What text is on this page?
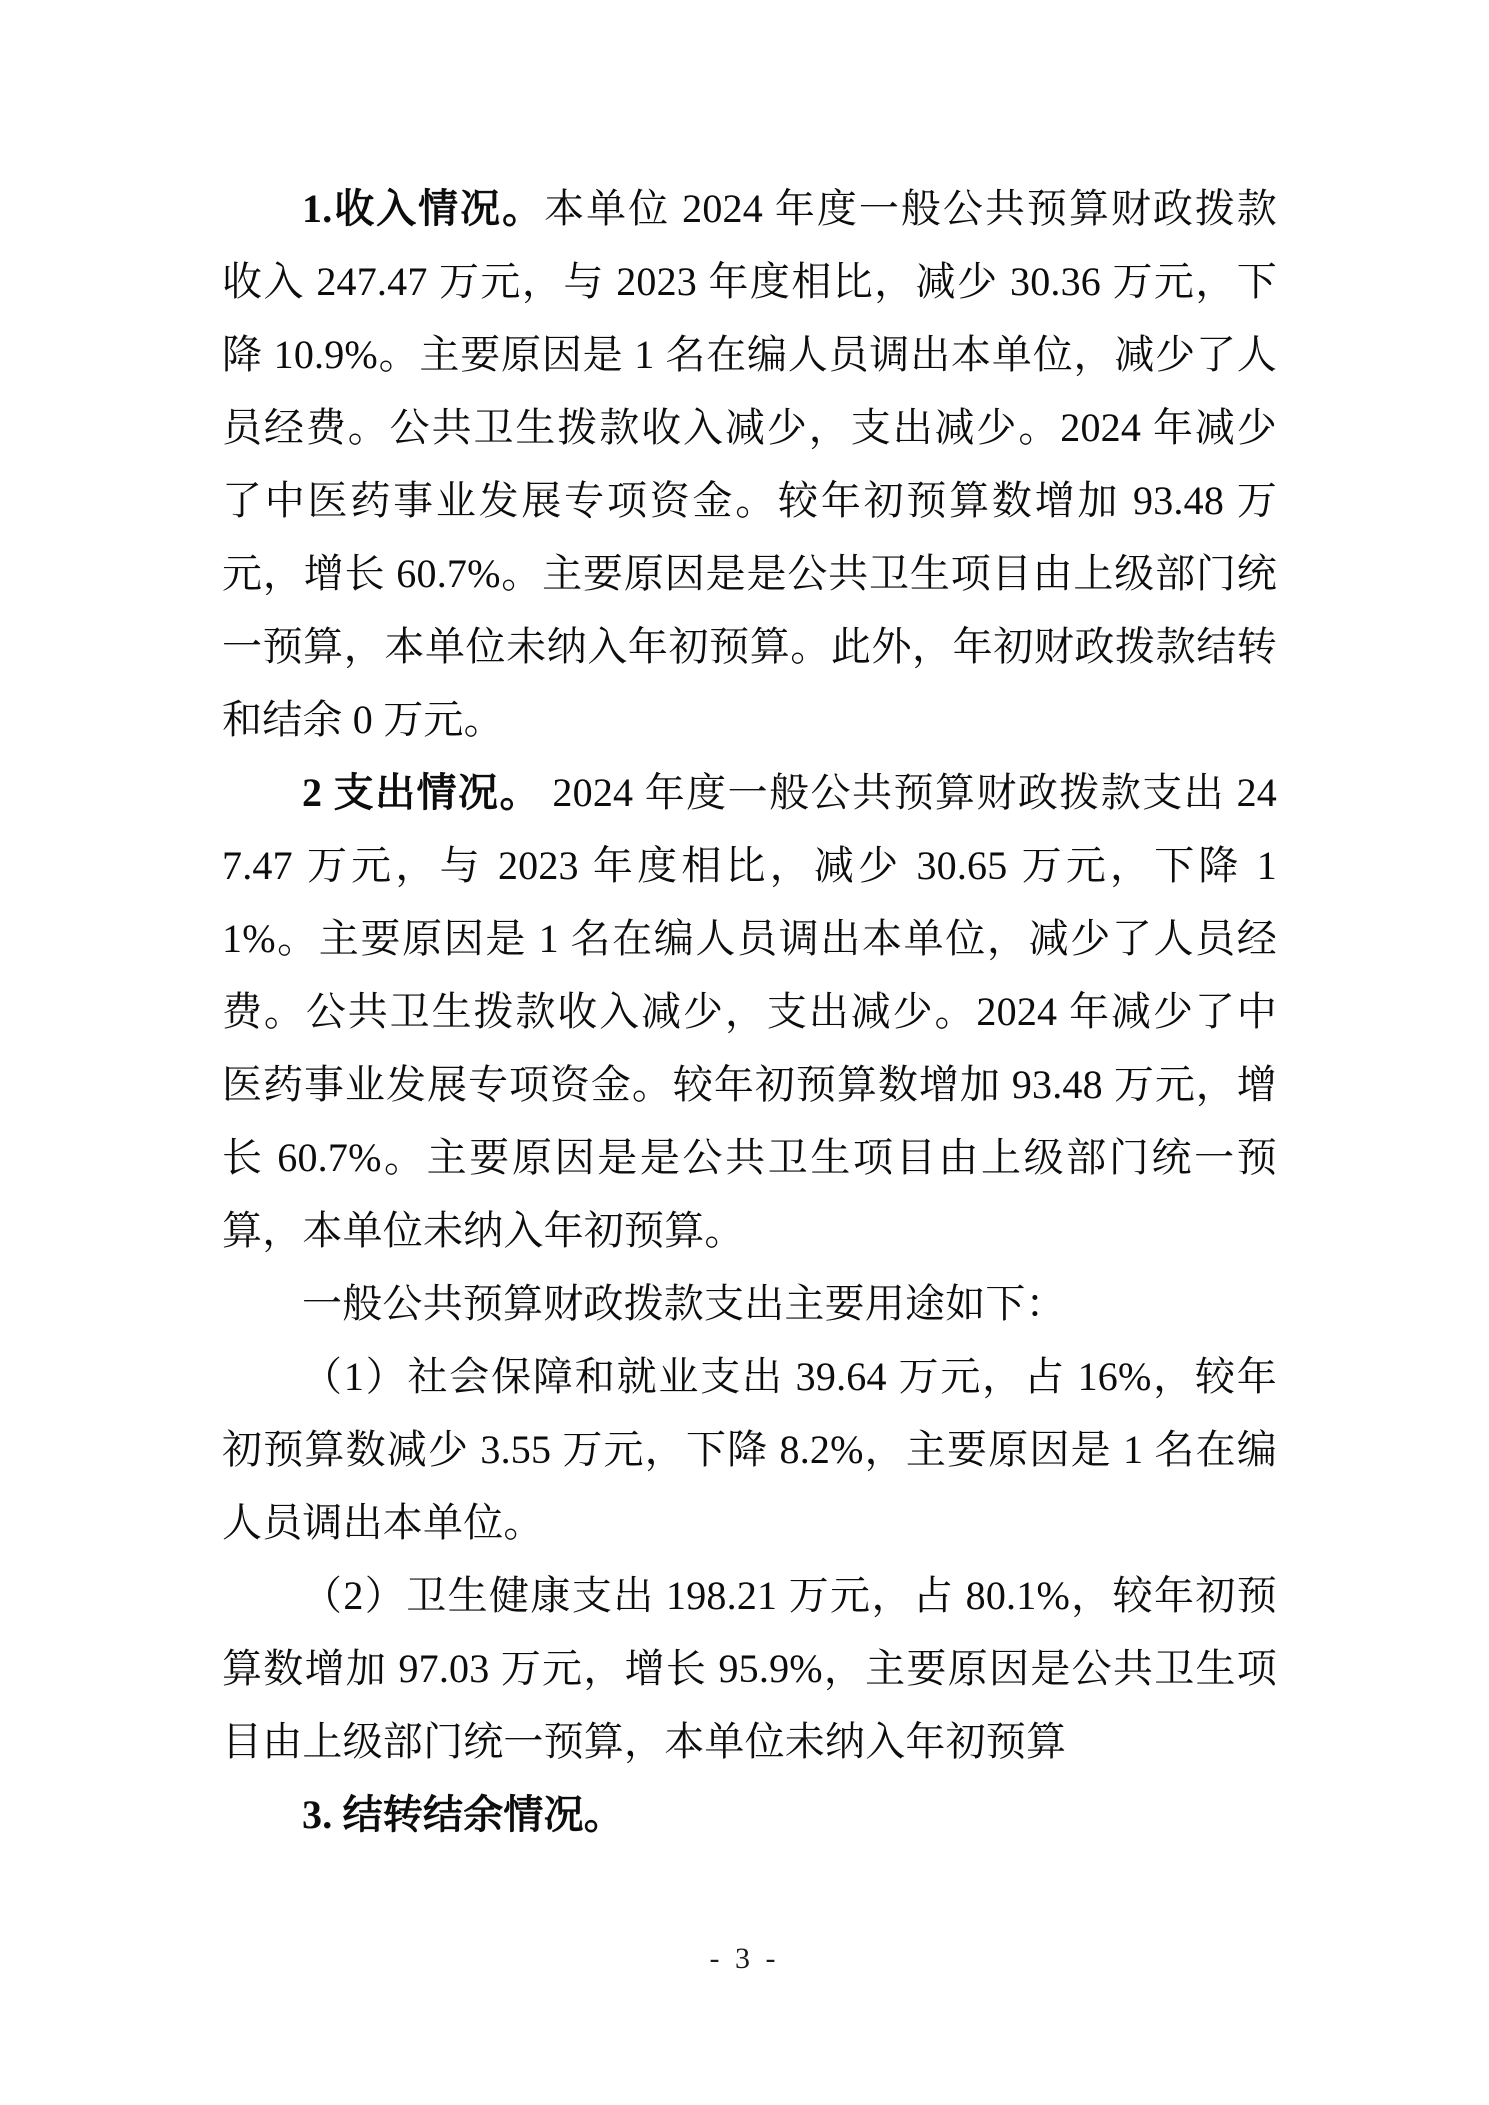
1.收入情况。本单位 2024 年度一般公共预算财政拨款收入 247.47 万元，与 2023 年度相比，减少 30.36 万元，下降 10.9%。主要原因是 1 名在编人员调出本单位，减少了人员经费。公共卫生拨款收入减少，支出减少。2024 年减少了中医药事业发展专项资金。较年初预算数增加 93.48 万元，增长 60.7%。主要原因是是公共卫生项目由上级部门统一预算，本单位未纳入年初预算。此外，年初财政拨款结转和结余 0 万元。

2 支出情况。 2024 年度一般公共预算财政拨款支出 247.47 万元，与 2023 年度相比，减少 30.65 万元，下降 11%。主要原因是 1 名在编人员调出本单位，减少了人员经费。公共卫生拨款收入减少，支出减少。2024 年减少了中医药事业发展专项资金。较年初预算数增加 93.48 万元，增长 60.7%。主要原因是是公共卫生项目由上级部门统一预算，本单位未纳入年初预算。

一般公共预算财政拨款支出主要用途如下：

（1）社会保障和就业支出 39.64 万元，占 16%，较年初预算数减少 3.55 万元，下降 8.2%，主要原因是 1 名在编人员调出本单位。

（2）卫生健康支出 198.21 万元，占 80.1%，较年初预算数增加 97.03 万元，增长 95.9%，主要原因是公共卫生项目由上级部门统一预算，本单位未纳入年初预算

3. 结转结余情况。

- 3 -
